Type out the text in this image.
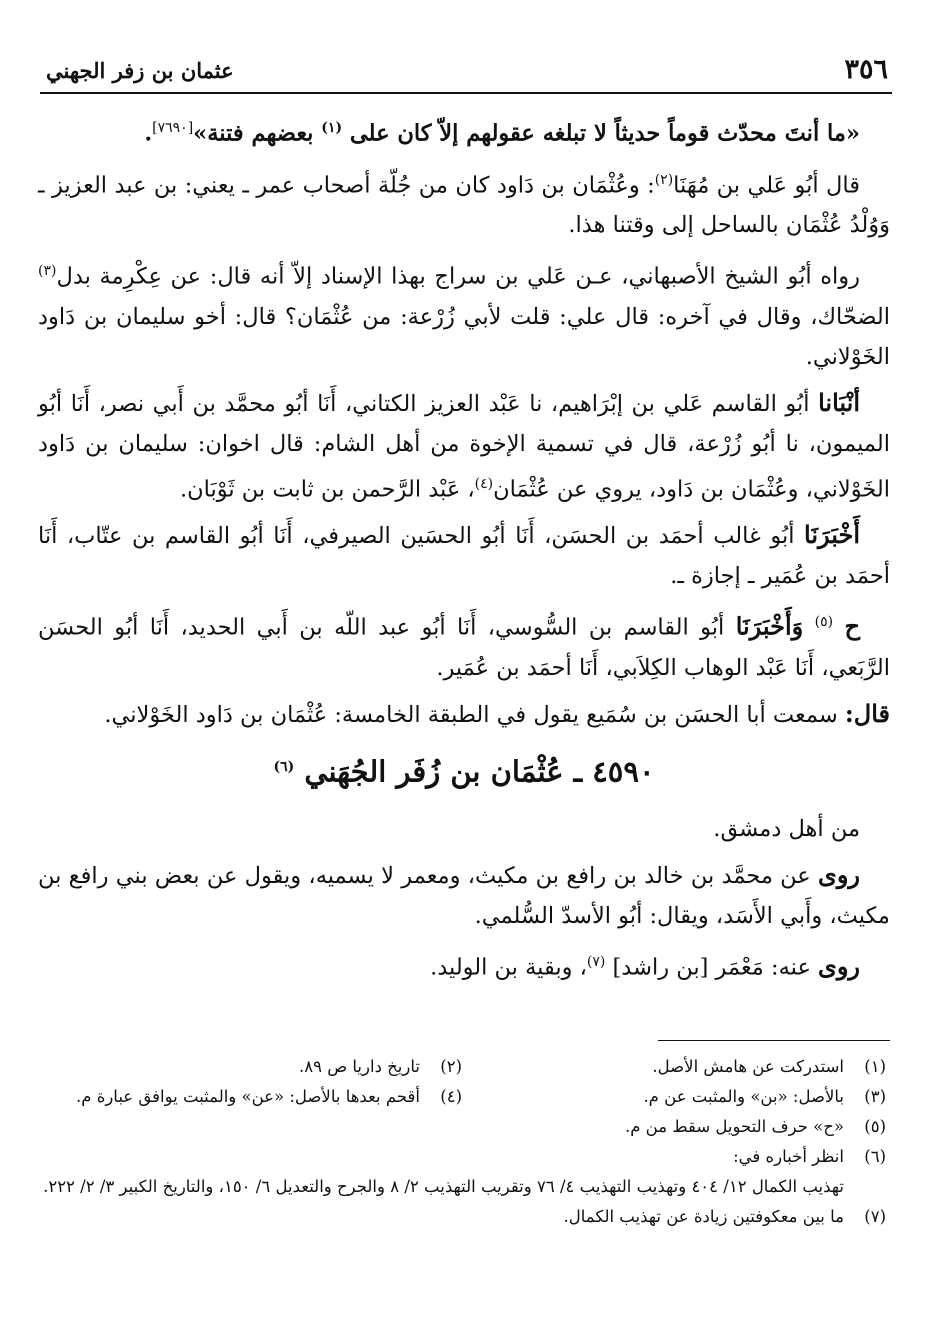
٣٥٦
عثمان بن زفر الجهني

«ما أنتَ محدّث قوماً حديثاً لا تبلغه عقولهم إلاّ كان على $^{(١)}$ بعضهم فتنة»[٧٦٩٠].

قال أبُو عَلي بن مُهَنَا$^{(٢)}$: وعُثْمَان بن دَاود كان من جُلّة أصحاب عمر ـ يعني: بن عبد العزيز ـ وَوُلْدُ عُثْمَان بالساحل إلى وقتنا هذا.

رواه أبُو الشيخ الأصبهاني، عـن عَلي بن سراج بهذا الإسناد إلاّ أنه قال: عن عِكْرِمة بدل$^{(٣)}$ الضحّاك، وقال في آخره: قال علي: قلت لأبي زُرْعة: من عُثْمَان؟ قال: أخو سليمان بن دَاود الخَوْلاني.

أنْبَانا أبُو القاسم عَلي بن إبْرَاهيم، نا عَبْد العزيز الكتاني، أَنَا أبُو محمَّد بن أَبي نصر، أَنَا أبُو الميمون، نا أبُو زُرْعة، قال في تسمية الإخوة من أهل الشام: قال اخوان: سليمان بن دَاود الخَوْلاني، وعُثْمَان بن دَاود، يروي عن عُثْمَان$^{(٤)}$، عَبْد الرَّحمن بن ثابت بن ثَوْبَان.

أَخْبَرَنَا أبُو غالب أحمَد بن الحسَن، أَنَا أبُو الحسَين الصيرفي، أَنَا أبُو القاسم بن عتّاب، أَنَا أحمَد بن عُمَير ـ إجازة ـ.

ح $^{(٥)}$ وَأَخْبَرَنَا أبُو القاسم بن السُّوسي، أَنَا أبُو عبد اللّه بن أَبي الحديد، أَنَا أبُو الحسَن الرَّبَعي، أَنَا عَبْد الوهاب الكِلاَبي، أَنَا أحمَد بن عُمَير.

قال: سمعت أبا الحسَن بن سُمَيع يقول في الطبقة الخامسة: عُثْمَان بن دَاود الخَوْلاني.

٤٥٩٠ ـ عُثْمَان بن زُفَر الجُهَني $^{(٦)}$

من أهل دمشق.

روى عن محمَّد بن خالد بن رافع بن مكيث، ومعمر لا يسميه، ويقول عن بعض بني رافع بن مكيث، وأَبي الأَسَد، ويقال: أبُو الأسدّ السُّلمي.

روى عنه: مَعْمَر [بن راشد] $^{(٧)}$، وبقية بن الوليد.

(١)
استدركت عن هامش الأصل.
(٢)
تاريخ داريا ص ٨٩.
(٣)
بالأصل: «بن» والمثبت عن م.
(٤)
أقحم بعدها بالأصل: «عن» والمثبت يوافق عبارة م.
(٥)
«ح» حرف التحويل سقط من م.
(٦)
انظر أخباره في:
تهذيب الكمال ١٢/ ٤٠٤ وتهذيب التهذيب ٤/ ٧٦ وتقريب التهذيب ٢/ ٨ والجرح والتعديل ٦/ ١٥٠، والتاريخ الكبير ٣/ ٢/ ٢٢٢.
(٧)
ما بين معكوفتين زيادة عن تهذيب الكمال.
